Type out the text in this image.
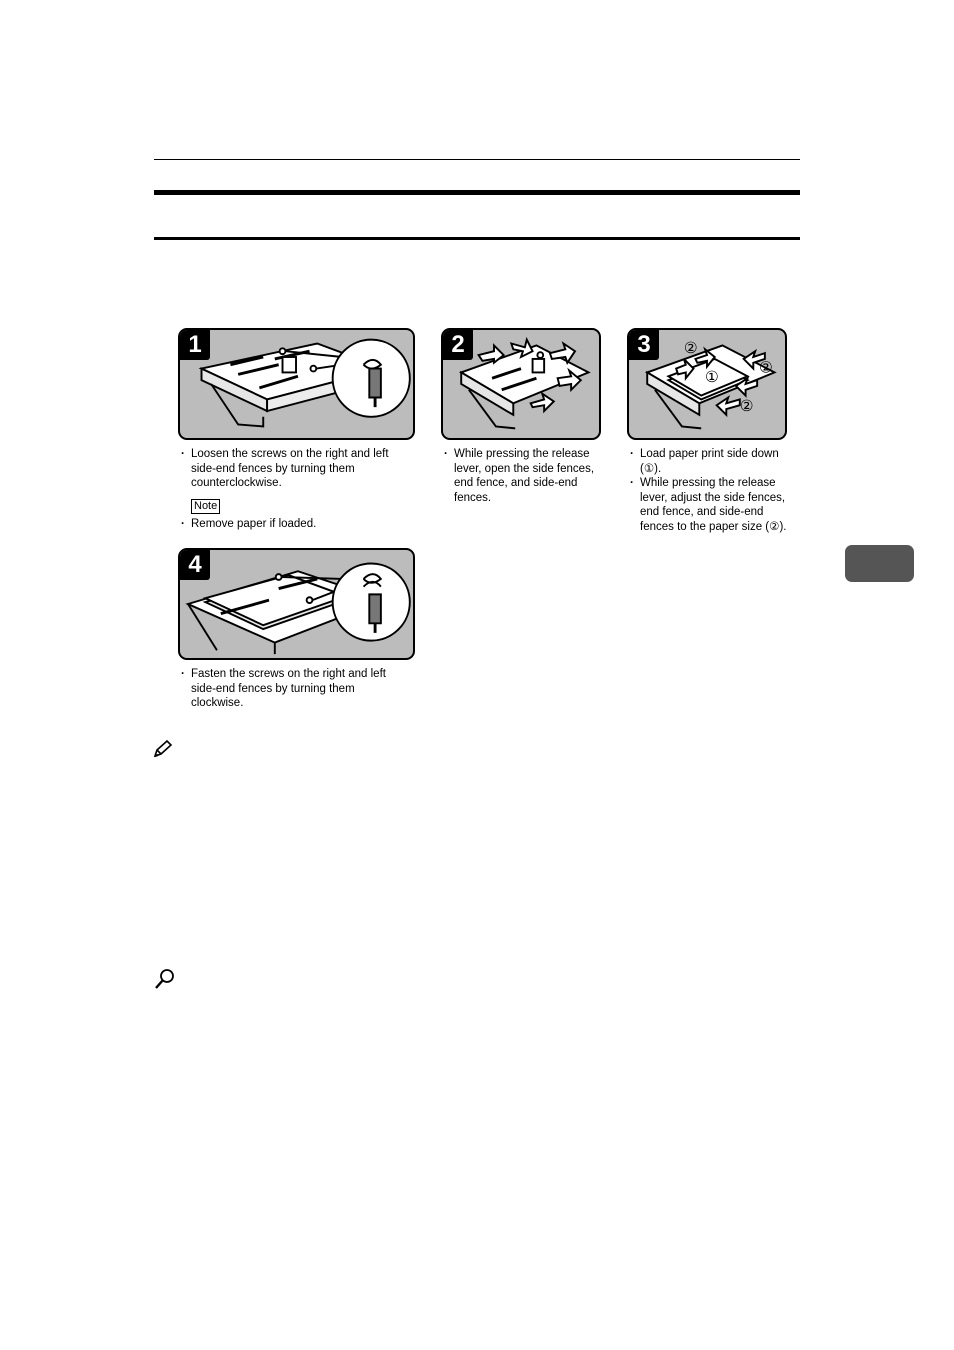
1
· Loosen the screws on the right and left side-end fences by turning them counterclockwise.
Note
· Remove paper if loaded.
2
· While pressing the release lever, open the side fences, end fence, and side-end fences.
②
①
②
②
3
· Load paper print side down (①).
· While pressing the release lever, adjust the side fences, end fence, and side-end fences to the paper size (②).
4
· Fasten the screws on the right and left side-end fences by turning them clockwise.
